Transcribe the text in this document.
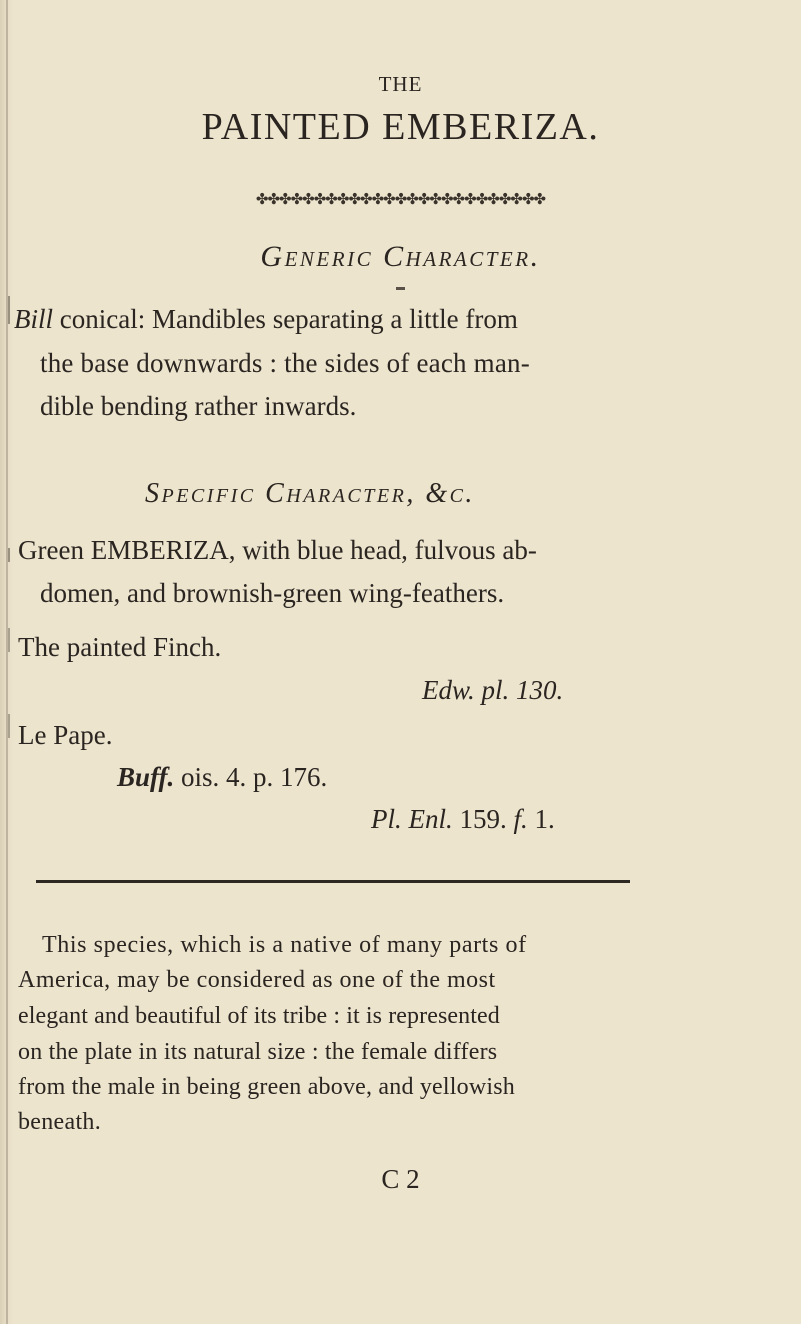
THE
PAINTED EMBERIZA.
✤✤✤✤✤✤✤✤✤✤✤✤✤✤✤✤✤✤✤✤✤✤✤✤✤
Generic Character.
Bill conical: Mandibles separating a little from
the base downwards : the sides of each man-
dible bending rather inwards.
Specific Character, &c.
Green EMBERIZA, with blue head, fulvous ab-
domen, and brownish-green wing-feathers.
The painted Finch.
Edw. pl. 130.
Le Pape.
Buff. ois. 4. p. 176.
Pl. Enl. 159. f. 1.
This species, which is a native of many parts of
America, may be considered as one of the most
elegant and beautiful of its tribe : it is represented
on the plate in its natural size : the female differs
from the male in being green above, and yellowish
beneath.
C 2
